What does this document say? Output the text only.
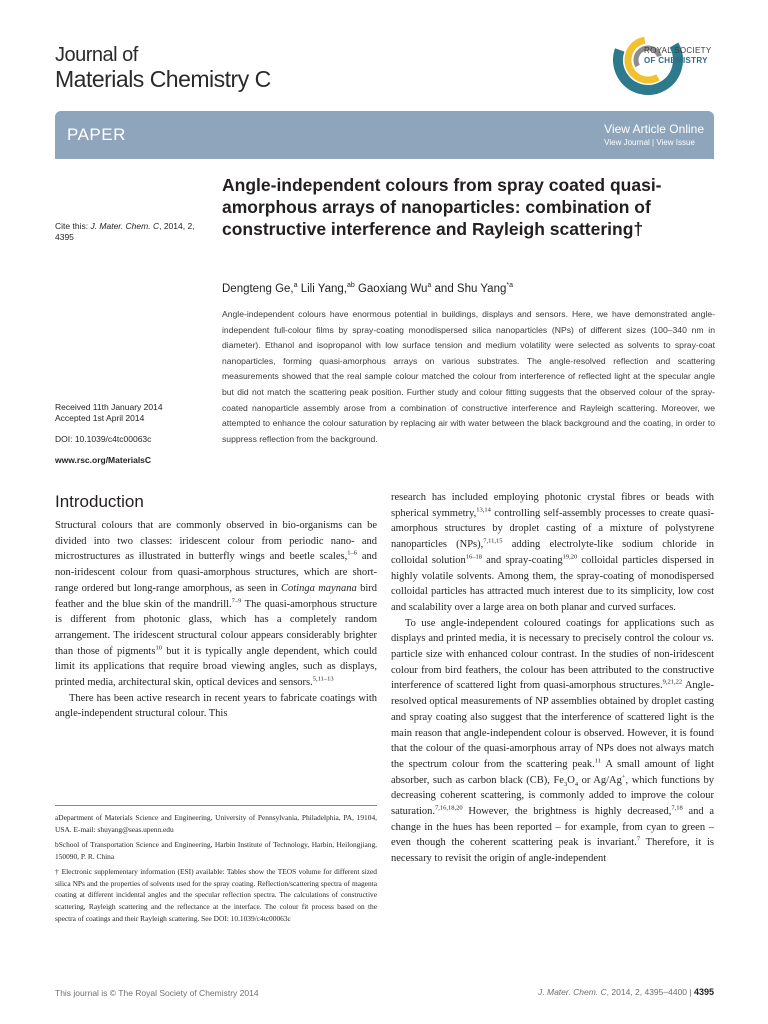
Journal of
Materials Chemistry C
ROYAL SOCIETY
OF CHEMISTRY
PAPER	View Article Online
View Journal | View Issue
Cite this: J. Mater. Chem. C, 2014, 2, 4395
Received 11th January 2014
Accepted 1st April 2014
DOI: 10.1039/c4tc00063c
www.rsc.org/MaterialsC
Angle-independent colours from spray coated quasi-amorphous arrays of nanoparticles: combination of constructive interference and Rayleigh scattering†
Dengteng Ge,$^a$ Lili Yang,$^{ab}$ Gaoxiang Wu$^a$ and Shu Yang$^{*a}$
Angle-independent colours have enormous potential in buildings, displays and sensors. Here, we have demonstrated angle-independent full-colour films by spray-coating monodispersed silica nanoparticles (NPs) of different sizes (100–340 nm in diameter). Ethanol and isopropanol with low surface tension and medium volatility were selected as solvents to spray-coat nanoparticles, forming quasi-amorphous arrays on various substrates. The angle-resolved reflection and scattering measurements showed that the real sample colour matched the colour from interference of reflected light at the specular angle but did not match the scattering peak position. Further study and colour fitting suggests that the observed colour of the spray-coated nanoparticle assembly arose from a combination of constructive interference and Rayleigh scattering. Moreover, we attempted to enhance the colour saturation by replacing air with water between the black background and the coating, in order to suppress reflection from the background.
Introduction

Structural colours that are commonly observed in bio-organisms can be divided into two classes: iridescent colour from periodic nano- and microstructures as illustrated in butterfly wings and beetle scales,$^{1-6}$ and non-iridescent colour from quasi-amorphous structures, which are short-range ordered but long-range amorphous, as seen in Cotinga maynana bird feather and the blue skin of the mandrill.$^{7-9}$ The quasi-amorphous structure is different from photonic glass, which has a completely random arrangement. The iridescent structural colour appears considerably brighter than those of pigments$^{10}$ but it is typically angle dependent, which could limit its applications that require broad viewing angles, such as displays, printed media, architectural skin, optical devices and sensors.$^{5,11-13}$

There has been active research in recent years to fabricate coatings with angle-independent structural colour. This

research has included employing photonic crystal fibres or beads with spherical symmetry,$^{13,14}$ controlling self-assembly processes to create quasi-amorphous structures by droplet casting of a mixture of polystyrene nanoparticles (NPs),$^{7,11,15}$ adding electrolyte-like sodium chloride in colloidal solution$^{16-18}$ and spray-coating$^{19,20}$ colloidal particles dispersed in highly volatile solvents. Among them, the spray-coating of monodispersed colloidal particles has attracted much interest due to its simplicity, low cost and scalability over a large area on both planar and curved surfaces.

To use angle-independent coloured coatings for applications such as displays and printed media, it is necessary to precisely control the colour vs. particle size with enhanced colour contrast. In the studies of non-iridescent colour from bird feathers, the colour has been attributed to the constructive interference of scattered light from quasi-amorphous structures.$^{9,21,22}$ Angle-resolved optical measurements of NP assemblies obtained by droplet casting and spray coating also suggest that the interference of scattered light is the main reason that angle-independent colour is observed. However, it is found that the colour of the quasi-amorphous array of NPs does not always match the spectrum colour from the scattering peak.$^{11}$ A small amount of light absorber, such as carbon black (CB), $Fe_3O_4$ or Ag/Ag+, which functions by decreasing coherent scattering, is commonly added to improve the colour saturation.$^{7,16,18,20}$ However, the brightness is highly decreased,$^{7,18}$ and a change in the hues has been reported – for example, from cyan to green – even though the coherent scattering peak is invariant.$^7$ Therefore, it is necessary to revisit the origin of angle-independent

aDepartment of Materials Science and Engineering, University of Pennsylvania, Philadelphia, PA, 19104, USA. E-mail: shuyang@seas.upenn.edu

bSchool of Transportation Science and Engineering, Harbin Institute of Technology, Harbin, Heilongjiang, 150090, P. R. China

† Electronic supplementary information (ESI) available: Tables show the TEOS volume for different sized silica NPs and the properties of solvents used for the spray coating. Reflection/scattering spectra of magenta coating at different incidental angles and the specular reflection spectra. The calculations of constructive scattering, Rayleigh scattering and the reflectance at the interface. The colour fit process based on the spectra of coatings and their Rayleigh scattering. See DOI: 10.1039/c4tc00063c

This journal is © The Royal Society of Chemistry 2014	J. Mater. Chem. C, 2014, 2, 4395–4400 | 4395
